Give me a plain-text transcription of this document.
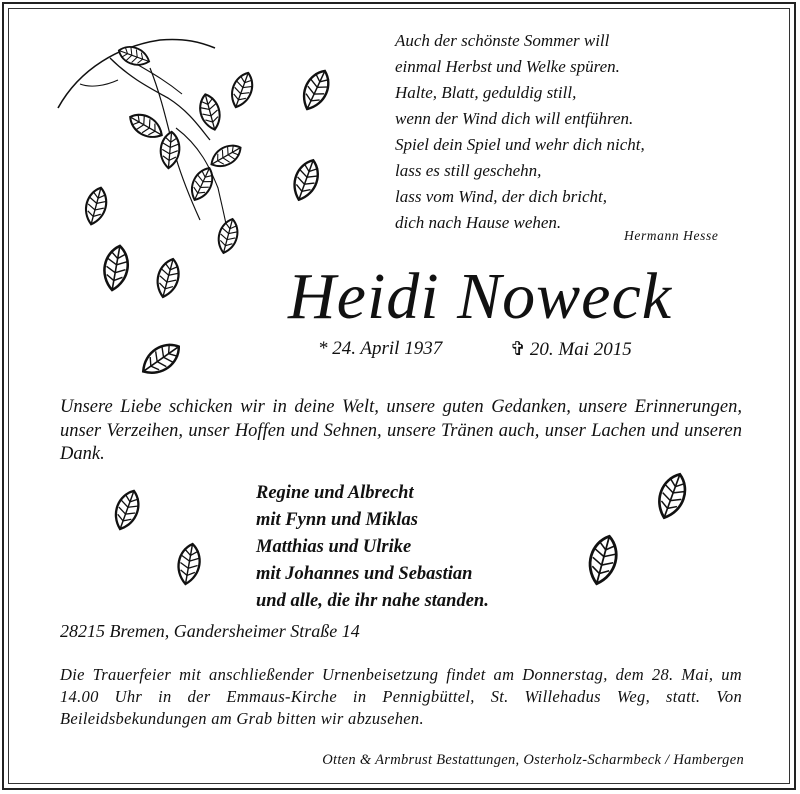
Auch der schönste Sommer will
einmal Herbst und Welke spüren.
Halte, Blatt, geduldig still,
wenn der Wind dich will entführen.
Spiel dein Spiel und wehr dich nicht,
lass es still geschehn,
lass vom Wind, der dich bricht,
dich nach Hause wehen.
Hermann Hesse
Heidi Noweck
* 24. April 1937	✞ 20. Mai 2015
Unsere Liebe schicken wir in deine Welt, unsere guten Gedanken, unsere Erinnerungen, unser Verzeihen, unser Hoffen und Sehnen, unsere Tränen auch, unser Lachen und unseren Dank.
Regine und Albrecht
mit Fynn und Miklas
Matthias und Ulrike
mit Johannes und Sebastian
und alle, die ihr nahe standen.
28215 Bremen, Gandersheimer Straße 14
Die Trauerfeier mit anschließender Urnenbeisetzung findet am Donnerstag, dem 28. Mai, um 14.00 Uhr in der Emmaus-Kirche in Pennigbüttel, St. Willehadus Weg, statt. Von Beileidsbekundungen am Grab bitten wir abzusehen.
Otten & Armbrust Bestattungen, Osterholz-Scharmbeck / Hambergen
